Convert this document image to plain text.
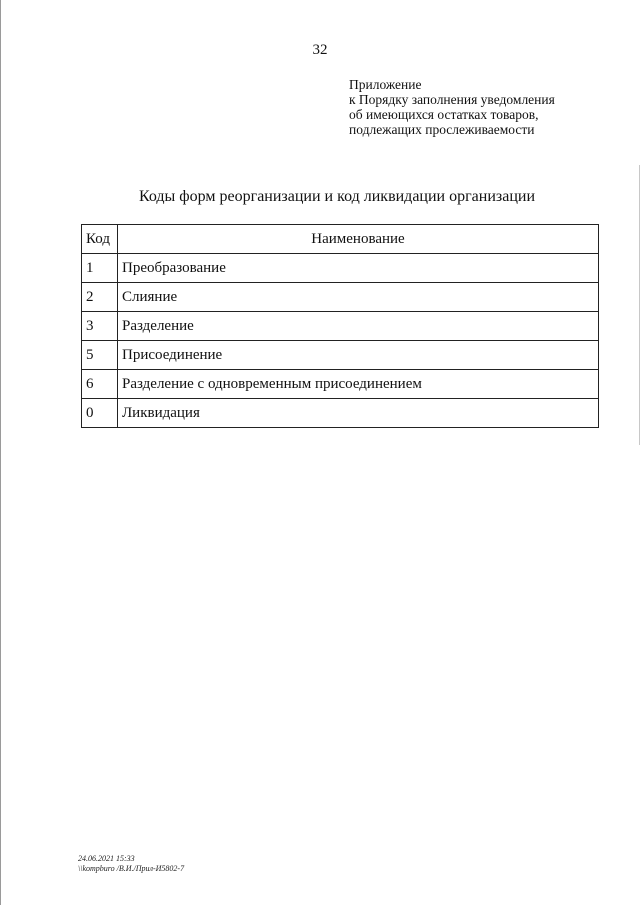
32
Приложение
к Порядку заполнения уведомления
об имеющихся остатках товаров,
подлежащих прослеживаемости
Коды форм реорганизации и код ликвидации организации
Код	Наименование
1	Преобразование
2	Слияние
3	Разделение
5	Присоединение
6	Разделение с одновременным присоединением
0	Ликвидация
24.06.2021 15:33
\\kompburo /В.И./Прил-И5802-7
